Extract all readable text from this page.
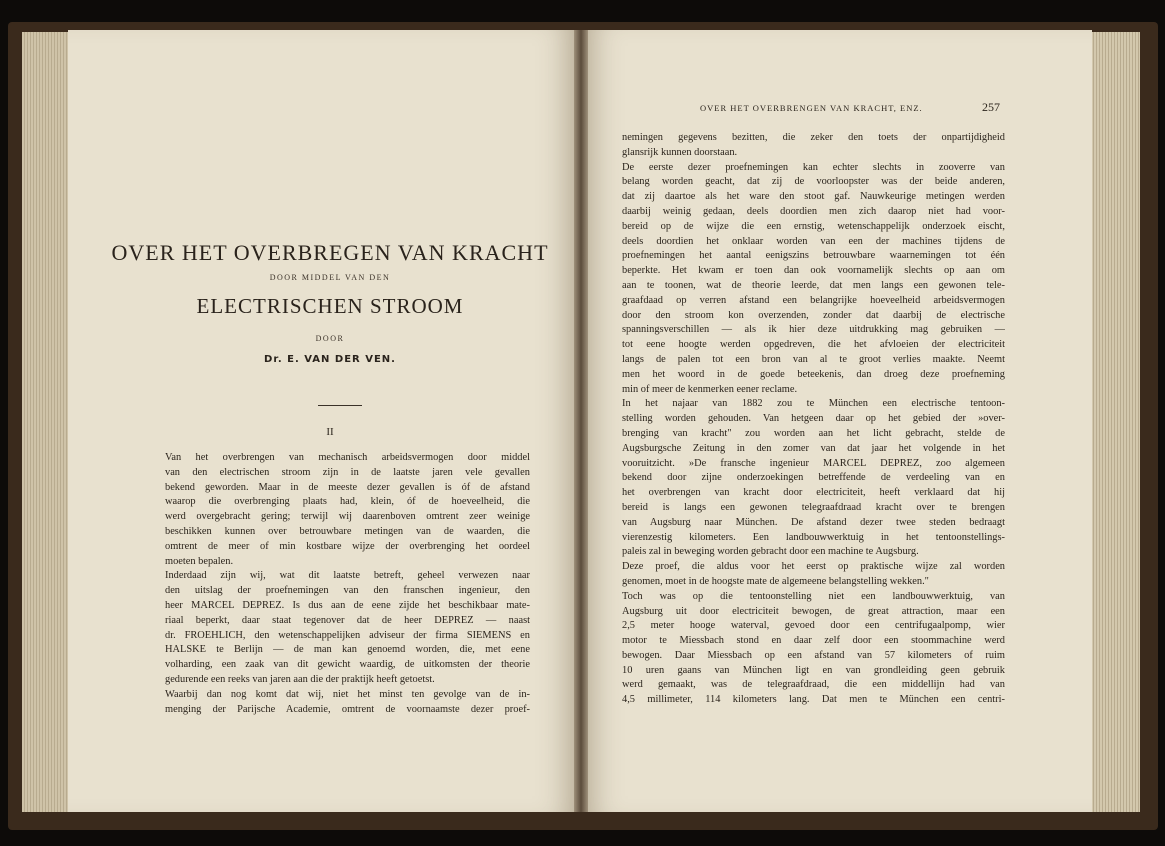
OVER HET OVERBREGEN VAN KRACHT
DOOR MIDDEL VAN DEN
ELECTRISCHEN STROOM
DOOR
Dr. E. VAN DER VEN.
II
Van het overbrengen van mechanisch arbeidsvermogen door middel
van den electrischen stroom zijn in de laatste jaren vele gevallen
bekend geworden. Maar in de meeste dezer gevallen is óf de afstand
waarop die overbrenging plaats had, klein, óf de hoeveelheid, die
werd overgebracht gering; terwijl wij daarenboven omtrent zeer weinige
beschikken kunnen over betrouwbare metingen van de waarden, die
omtrent de meer of min kostbare wijze der overbrenging het oordeel
moeten bepalen.
Inderdaad zijn wij, wat dit laatste betreft, geheel verwezen naar
den uitslag der proefnemingen van den franschen ingenieur, den
heer MARCEL DEPREZ. Is dus aan de eene zijde het beschikbaar mate-
riaal beperkt, daar staat tegenover dat de heer DEPREZ — naast
dr. FROEHLICH, den wetenschappelijken adviseur der firma SIEMENS en
HALSKE te Berlijn — de man kan genoemd worden, die, met eene
volharding, een zaak van dit gewicht waardig, de uitkomsten der theorie
gedurende een reeks van jaren aan die der praktijk heeft getoetst.
Waarbij dan nog komt dat wij, niet het minst ten gevolge van de in-
menging der Parijsche Academie, omtrent de voornaamste dezer proef-
OVER HET OVERBRENGEN VAN KRACHT, ENZ.	257
nemingen gegevens bezitten, die zeker den toets der onpartijdigheid
glansrijk kunnen doorstaan.
De eerste dezer proefnemingen kan echter slechts in zooverre van
belang worden geacht, dat zij de voorloopster was der beide anderen,
dat zij daartoe als het ware den stoot gaf. Nauwkeurige metingen werden
daarbij weinig gedaan, deels doordien men zich daarop niet had voor-
bereid op de wijze die een ernstig, wetenschappelijk onderzoek eischt,
deels doordien het onklaar worden van een der machines tijdens de
proefnemingen het aantal eenigszins betrouwbare waarnemingen tot één
beperkte. Het kwam er toen dan ook voornamelijk slechts op aan om
aan te toonen, wat de theorie leerde, dat men langs een gewonen tele-
graafdaad op verren afstand een belangrijke hoeveelheid arbeidsvermogen
door den stroom kon overzenden, zonder dat daarbij de electrische
spanningsverschillen — als ik hier deze uitdrukking mag gebruiken —
tot eene hoogte werden opgedreven, die het afvloeien der electriciteit
langs de palen tot een bron van al te groot verlies maakte. Neemt
men het woord in de goede beteekenis, dan droeg deze proefneming
min of meer de kenmerken eener reclame.
In het najaar van 1882 zou te München een electrische tentoon-
stelling worden gehouden. Van hetgeen daar op het gebied der »over-
brenging van kracht" zou worden aan het licht gebracht, stelde de
Augsburgsche Zeitung in den zomer van dat jaar het volgende in het
vooruitzicht. »De fransche ingenieur MARCEL DEPREZ, zoo algemeen
bekend door zijne onderzoekingen betreffende de verdeeling van en
het overbrengen van kracht door electriciteit, heeft verklaard dat hij
bereid is langs een gewonen telegraafdraad kracht over te brengen
van Augsburg naar München. De afstand dezer twee steden bedraagt
vierenzestig kilometers. Een landbouwwerktuig in het tentoonstellings-
paleis zal in beweging worden gebracht door een machine te Augsburg.
Deze proef, die aldus voor het eerst op praktische wijze zal worden
genomen, moet in de hoogste mate de algemeene belangstelling wekken."
Toch was op die tentoonstelling niet een landbouwwerktuig, van
Augsburg uit door electriciteit bewogen, de great attraction, maar een
2,5 meter hooge waterval, gevoed door een centrifugaalpomp, wier
motor te Miessbach stond en daar zelf door een stoommachine werd
bewogen. Daar Miessbach op een afstand van 57 kilometers of ruim
10 uren gaans van München ligt en van grondleiding geen gebruik
werd gemaakt, was de telegraafdraad, die een middellijn had van
4,5 millimeter, 114 kilometers lang. Dat men te München een centri-
